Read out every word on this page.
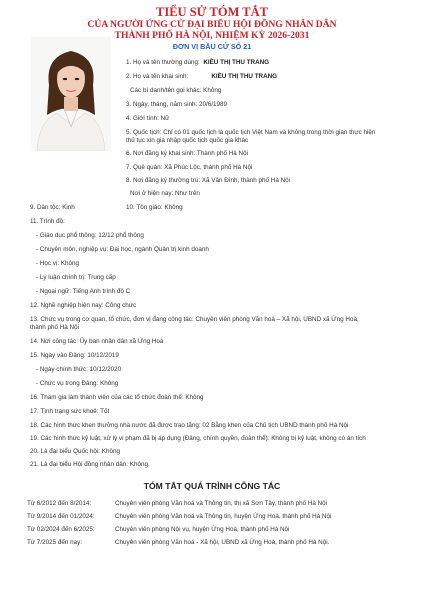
TIỂU SỬ TÓM TẮT
CỦA NGƯỜI ỨNG CỬ ĐẠI BIỂU HỘI ĐỒNG NHÂN DÂN
THÀNH PHỐ HÀ NỘI, NHIỆM KỲ 2026-2031
ĐƠN VỊ BẦU CỬ SỐ 21
1. Họ và tên thường dùng: KIỀU THỊ THU TRANG
2. Họ và tên khai sinh:	KIỀU THỊ THU TRANG
Các bí danh/tên gọi khác: Không
3. Ngày, tháng, năm sinh: 20/6/1989
4. Giới tính: Nữ
5. Quốc tịch: Chỉ có 01 quốc tịch là quốc tịch Việt Nam và không trong thời gian thực hiện
thủ tục xin gia nhập quốc tịch quốc gia khác
6. Nơi đăng ký khai sinh: Thành phố Hà Nội
7. Quê quán: Xã Phúc Lộc, thành phố Hà Nội
8. Nơi đăng ký thường trú: Xã Vân Đình, thành phố Hà Nội
Nơi ở hiện nay: Như trên
9. Dân tộc: Kinh	10. Tôn giáo: Không
11. Trình độ:
- Giáo dục phổ thông: 12/12 phổ thông
- Chuyên môn, nghiệp vụ: Đại học, ngành Quản trị kinh doanh
- Học vị: Không
- Lý luận chính trị: Trung cấp
- Ngoại ngữ: Tiếng Anh trình độ C
12. Nghề nghiệp hiện nay: Công chức
13. Chức vụ trong cơ quan, tổ chức, đơn vị đang công tác: Chuyên viên phòng Văn hoá – Xã hội, UBND xã Ứng Hoà,
thành phố Hà Nội
14. Nơi công tác: Ủy ban nhân dân xã Ứng Hoà
15. Ngày vào Đảng: 10/12/2019
- Ngày chính thức: 10/12/2020
- Chức vụ trong Đảng: Không
16. Tham gia làm thành viên của các tổ chức đoàn thể: Không
17. Tình trạng sức khoẻ: Tốt
18. Các hình thức khen thưởng nhà nước đã được trao tặng: 02 Bằng khen của Chủ tịch UBND thành phố Hà Nội
19. Các hình thức kỷ luật, xử lý vi phạm đã bị áp dụng (Đảng, chính quyền, đoàn thể): Không bị kỷ luật, không có án tích
20. Là đại biểu Quốc hội: Không
TÓM TẮT QUÁ TRÌNH CÔNG TÁC
Từ 6/2012 đến 8/2014:	Chuyên viên phòng Văn hoá và Thông tin, thị xã Sơn Tây, thành phố Hà Nội
Từ 9/2014 đến 01/2024:	Chuyên viên phòng Văn hoá và Thông tin, huyện Ứng Hoà, thành phố Hà Nội
Từ 02/2024 đến 6/2025:	Chuyên viên phòng Nội vụ, huyện Ứng Hoà, thành phố Hà Nội
Từ 7/2025 đến nay:	Chuyên viên phòng Văn hoá - Xã hội, UBND xã Ứng Hoà, thành phố Hà Nội.
21. Là đại biểu Hội đồng nhân dân: Không.
